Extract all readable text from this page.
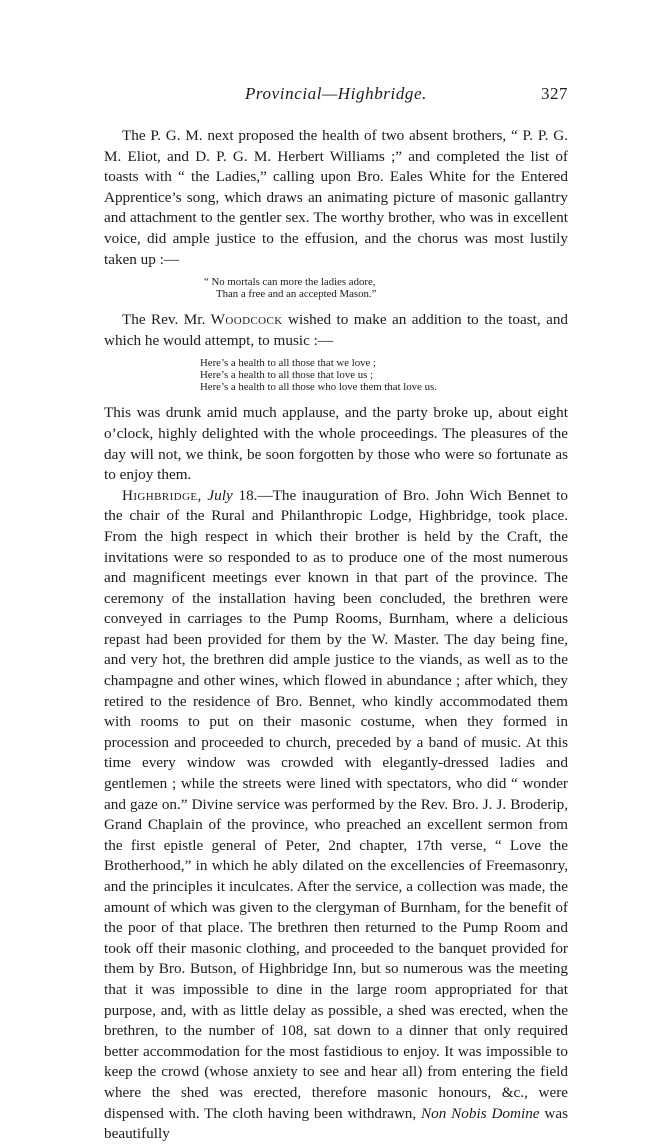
Provincial—Highbridge.	327

The P. G. M. next proposed the health of two absent brothers, “ P. P. G. M. Eliot, and D. P. G. M. Herbert Williams ;” and completed the list of toasts with “ the Ladies,” calling upon Bro. Eales White for the Entered Apprentice’s song, which draws an animating picture of masonic gallantry and attachment to the gentler sex. The worthy brother, who was in excellent voice, did ample justice to the effusion, and the chorus was most lustily taken up :—

“ No mortals can more the ladies adore,
Than a free and an accepted Mason.”

The Rev. Mr. Woodcock wished to make an addition to the toast, and which he would attempt, to music :—

Here’s a health to all those that we love ;
Here’s a health to all those that love us ;
Here’s a health to all those who love them that love us.

This was drunk amid much applause, and the party broke up, about eight o’clock, highly delighted with the whole proceedings. The pleasures of the day will not, we think, be soon forgotten by those who were so fortunate as to enjoy them.

Highbridge, July 18.—The inauguration of Bro. John Wich Bennet to the chair of the Rural and Philanthropic Lodge, Highbridge, took place. From the high respect in which their brother is held by the Craft, the invitations were so responded to as to produce one of the most numerous and magnificent meetings ever known in that part of the province. The ceremony of the installation having been concluded, the brethren were conveyed in carriages to the Pump Rooms, Burnham, where a delicious repast had been provided for them by the W. Master. The day being fine, and very hot, the brethren did ample justice to the viands, as well as to the champagne and other wines, which flowed in abundance ; after which, they retired to the residence of Bro. Bennet, who kindly accommodated them with rooms to put on their masonic costume, when they formed in procession and proceeded to church, preceded by a band of music. At this time every window was crowded with elegantly-dressed ladies and gentlemen ; while the streets were lined with spectators, who did “ wonder and gaze on.” Divine service was performed by the Rev. Bro. J. J. Broderip, Grand Chaplain of the province, who preached an excellent sermon from the first epistle general of Peter, 2nd chapter, 17th verse, “ Love the Brotherhood,” in which he ably dilated on the excellencies of Freemasonry, and the principles it inculcates. After the service, a collection was made, the amount of which was given to the clergyman of Burnham, for the benefit of the poor of that place. The brethren then returned to the Pump Room and took off their masonic clothing, and proceeded to the banquet provided for them by Bro. Butson, of Highbridge Inn, but so numerous was the meeting that it was impossible to dine in the large room appropriated for that purpose, and, with as little delay as possible, a shed was erected, when the brethren, to the number of 108, sat down to a dinner that only required better accommodation for the most fastidious to enjoy. It was impossible to keep the crowd (whose anxiety to see and hear all) from entering the field where the shed was erected, therefore masonic honours, &c., were dispensed with. The cloth having been withdrawn, Non Nobis Domine was beautifully
